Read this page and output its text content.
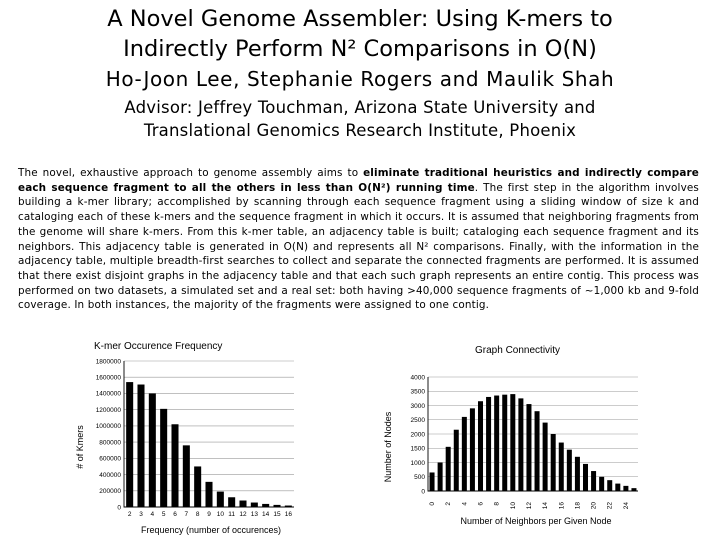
A Novel Genome Assembler: Using K-mers to
Indirectly Perform N² Comparisons in O(N)
Ho-Joon Lee, Stephanie Rogers and Maulik Shah
Advisor: Jeffrey Touchman, Arizona State University and
Translational Genomics Research Institute, Phoenix
The novel, exhaustive approach to genome assembly aims to eliminate traditional heuristics and indirectly compare each sequence fragment to all the others in less than O(N²) running time. The first step in the algorithm involves building a k-mer library; accomplished by scanning through each sequence fragment using a sliding window of size k and cataloging each of these k-mers and the sequence fragment in which it occurs. It is assumed that neighboring fragments from the genome will share k-mers. From this k-mer table, an adjacency table is built; cataloging each sequence fragment and its neighbors. This adjacency table is generated in O(N) and represents all N² comparisons. Finally, with the information in the adjacency table, multiple breadth-first searches to collect and separate the connected fragments are performed. It is assumed that there exist disjoint graphs in the adjacency table and that each such graph represents an entire contig. This process was performed on two datasets, a simulated set and a real set: both having >40,000 sequence fragments of ~1,000 kb and 9-fold coverage. In both instances, the majority of the fragments were assigned to one contig.
K-mer Occurence Frequency
# of Kmers
Frequency (number of occurences)
0
200000
400000
600000
800000
1000000
1200000
1400000
1600000
1800000
2 3 4 5 6 7 8 9 10 11 12 13 14 15 16
Graph Connectivity
Number of Nodes
Number of Neighbors per Given Node
0
500
1000
1500
2000
2500
3000
3500
4000
0 2 4 6 8 10 12 14 16 18 20 22 24
